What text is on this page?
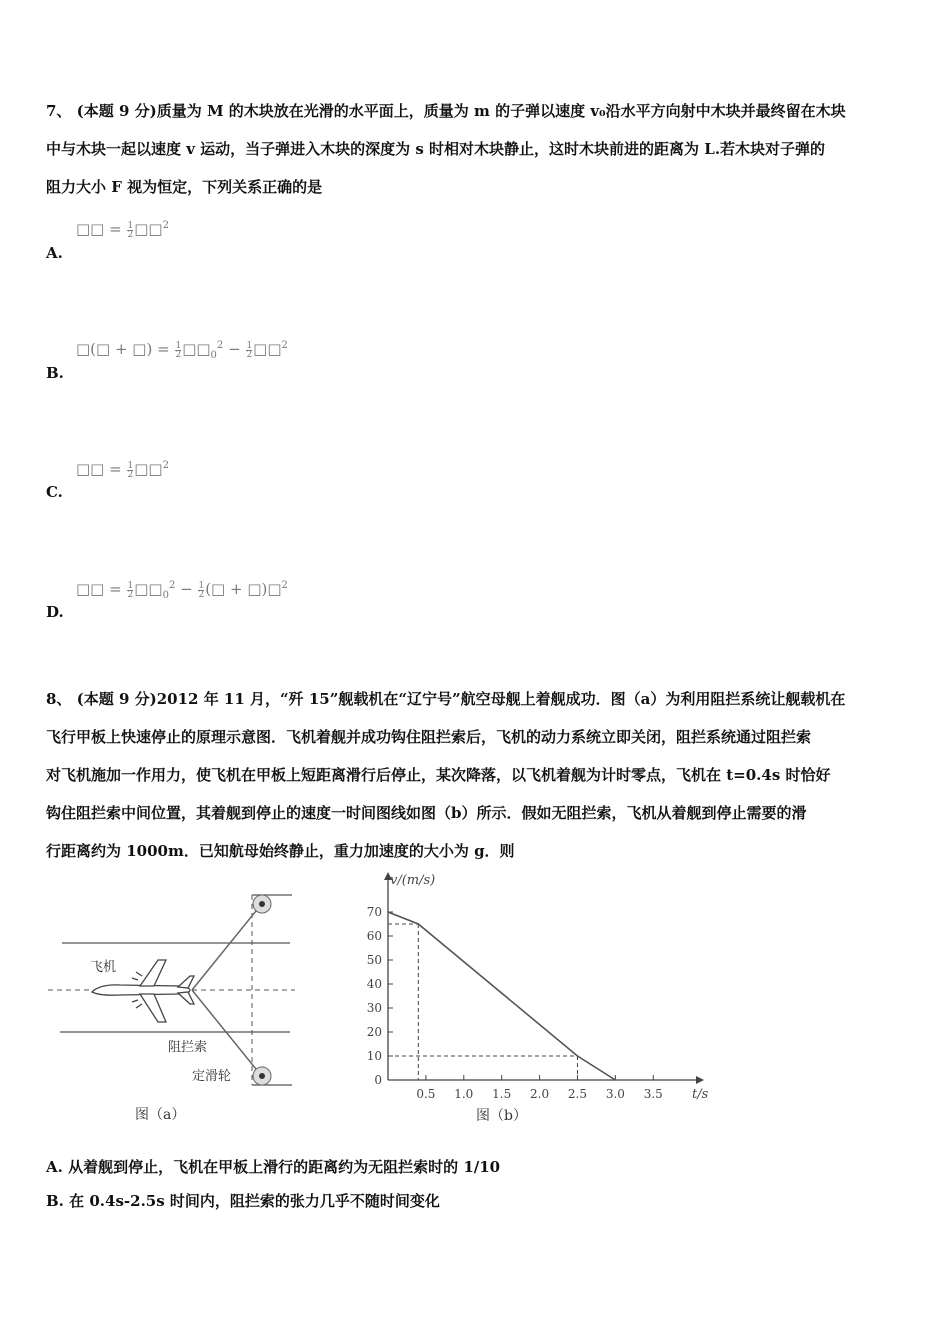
7、 (本题 9 分)质量为 M 的木块放在光滑的水平面上，质量为 m 的子弹以速度 v₀沿水平方向射中木块并最终留在木块

中与木块一起以速度 v 运动，当子弹进入木块的深度为 s 时相对木块静止，这时木块前进的距离为 L.若木块对子弹的

阻力大小 F 视为恒定，下列关系正确的是

□□ = $\frac{1}{2}$ □□$^2$
A.
□(□ + □) = $\frac{1}{2}$ $□□_0^2 - \frac{1}{2}$ □□$^2$
B.
□□ = $\frac{1}{2}$ □□$^2$
C.
□□ = $\frac{1}{2}$ $□□_0^2 - \frac{1}{2}$ (□ + □)□$^2$
D.

8、 (本题 9 分)2012 年 11 月，“歼 15”舰载机在“辽宁号”航空母舰上着舰成功．图（a）为利用阻拦系统让舰载机在

飞行甲板上快速停止的原理示意图．飞机着舰并成功钩住阻拦索后，飞机的动力系统立即关闭，阻拦系统通过阻拦索

对飞机施加一作用力，使飞机在甲板上短距离滑行后停止，某次降落，以飞机着舰为计时零点，飞机在 t=0.4s 时恰好

钩住阻拦索中间位置，其着舰到停止的速度一时间图线如图（b）所示．假如无阻拦索，飞机从着舰到停止需要的滑

行距离约为 1000m．已知航母始终静止，重力加速度的大小为 g．则

飞机
阻拦索
定滑轮
图（a）
0
10
20
30
40
50
60
70
0.5 1.0 1.5 2.0 2.5 3.0 3.5
v/(m/s)
t/s
图（b）
A. 从着舰到停止，飞机在甲板上滑行的距离约为无阻拦索时的 1/10
B. 在 0.4s-2.5s 时间内，阻拦索的张力几乎不随时间变化
